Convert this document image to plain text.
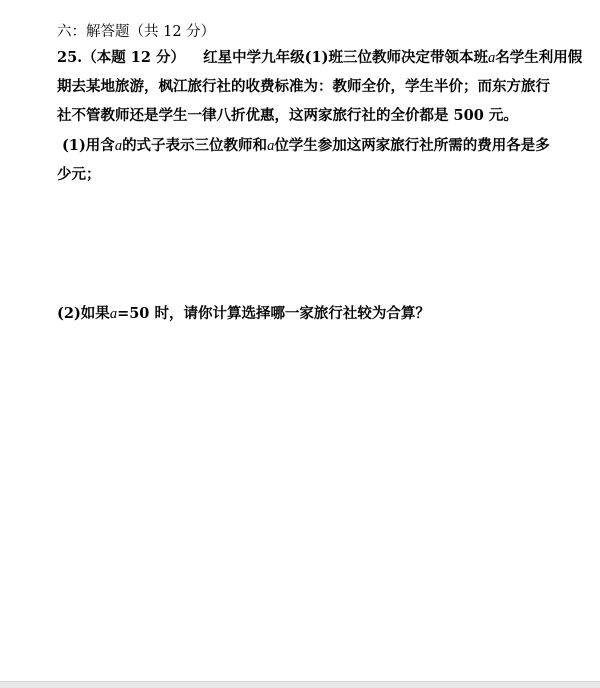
六：解答题（共 12 分）
25.（本题 12 分） 红星中学九年级(1)班三位教师决定带领本班a名学生利用假
期去某地旅游，枫江旅行社的收费标准为：教师全价，学生半价；而东方旅行
社不管教师还是学生一律八折优惠，这两家旅行社的全价都是 500 元。
(1)用含a的式子表示三位教师和a位学生参加这两家旅行社所需的费用各是多
少元；
(2)如果a=50 时，请你计算选择哪一家旅行社较为合算？
